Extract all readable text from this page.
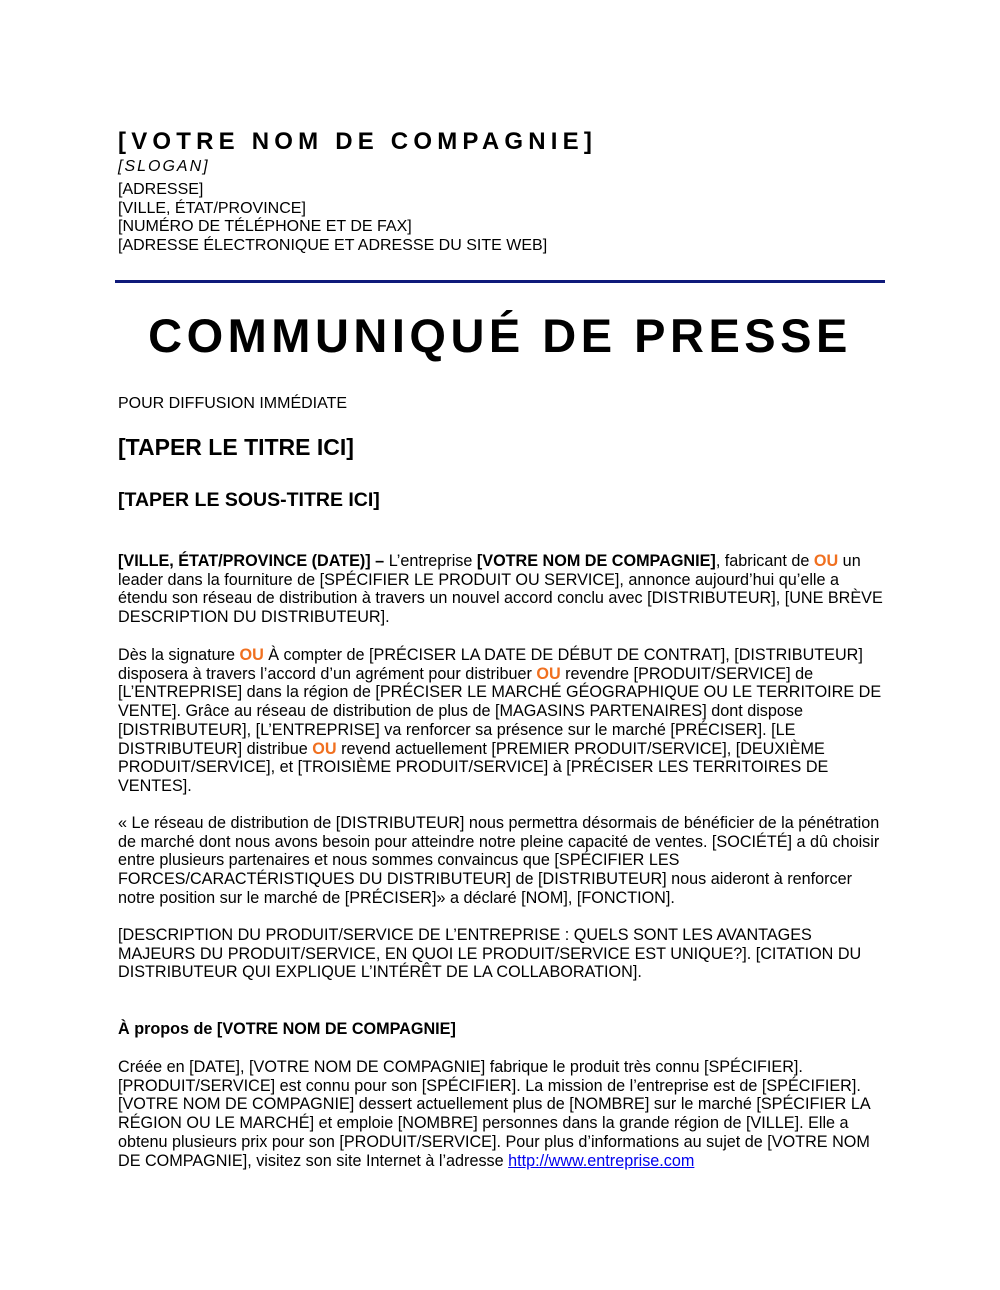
[VOTRE NOM DE COMPAGNIE]
[SLOGAN]
[ADRESSE]
[VILLE, ÉTAT/PROVINCE]
[NUMÉRO DE TÉLÉPHONE ET DE FAX]
[ADRESSE ÉLECTRONIQUE ET ADRESSE DU SITE WEB]
COMMUNIQUÉ DE PRESSE
POUR DIFFUSION IMMÉDIATE
[TAPER LE TITRE ICI]
[TAPER LE SOUS-TITRE ICI]
[VILLE, ÉTAT/PROVINCE (DATE)] – L’entreprise [VOTRE NOM DE COMPAGNIE], fabricant de OU un leader dans la fourniture de [SPÉCIFIER LE PRODUIT OU SERVICE], annonce aujourd’hui qu’elle a étendu son réseau de distribution à travers un nouvel accord conclu avec [DISTRIBUTEUR], [UNE BRÈVE DESCRIPTION DU DISTRIBUTEUR].
Dès la signature OU À compter de [PRÉCISER LA DATE DE DÉBUT DE CONTRAT], [DISTRIBUTEUR] disposera à travers l’accord d’un agrément pour distribuer OU revendre [PRODUIT/SERVICE] de [L’ENTREPRISE] dans la région de [PRÉCISER LE MARCHÉ GÉOGRAPHIQUE OU LE TERRITOIRE DE VENTE]. Grâce au réseau de distribution de plus de [MAGASINS PARTENAIRES] dont dispose [DISTRIBUTEUR], [L’ENTREPRISE] va renforcer sa présence sur le marché [PRÉCISER]. [LE DISTRIBUTEUR] distribue OU revend actuellement [PREMIER PRODUIT/SERVICE], [DEUXIÈME PRODUIT/SERVICE], et [TROISIÈME PRODUIT/SERVICE] à [PRÉCISER LES TERRITOIRES DE VENTES].
« Le réseau de distribution de [DISTRIBUTEUR] nous permettra désormais de bénéficier de la pénétration de marché dont nous avons besoin pour atteindre notre pleine capacité de ventes. [SOCIÉTÉ] a dû choisir entre plusieurs partenaires et nous sommes convaincus que [SPÉCIFIER LES FORCES/CARACTÉRISTIQUES DU DISTRIBUTEUR] de [DISTRIBUTEUR] nous aideront à renforcer notre position sur le marché de [PRÉCISER]» a déclaré [NOM], [FONCTION].
[DESCRIPTION DU PRODUIT/SERVICE DE L’ENTREPRISE : QUELS SONT LES AVANTAGES MAJEURS DU PRODUIT/SERVICE, EN QUOI LE PRODUIT/SERVICE EST UNIQUE?]. [CITATION DU DISTRIBUTEUR QUI EXPLIQUE L’INTÉRÊT DE LA COLLABORATION].
À propos de [VOTRE NOM DE COMPAGNIE]
Créée en [DATE], [VOTRE NOM DE COMPAGNIE] fabrique le produit très connu [SPÉCIFIER]. [PRODUIT/SERVICE] est connu pour son [SPÉCIFIER]. La mission de l’entreprise est de [SPÉCIFIER]. [VOTRE NOM DE COMPAGNIE] dessert actuellement plus de [NOMBRE] sur le marché [SPÉCIFIER LA RÉGION OU LE MARCHÉ] et emploie [NOMBRE] personnes dans la grande région de [VILLE]. Elle a obtenu plusieurs prix pour son [PRODUIT/SERVICE]. Pour plus d’informations au sujet de [VOTRE NOM DE COMPAGNIE], visitez son site Internet à l’adresse http://www.entreprise.com
